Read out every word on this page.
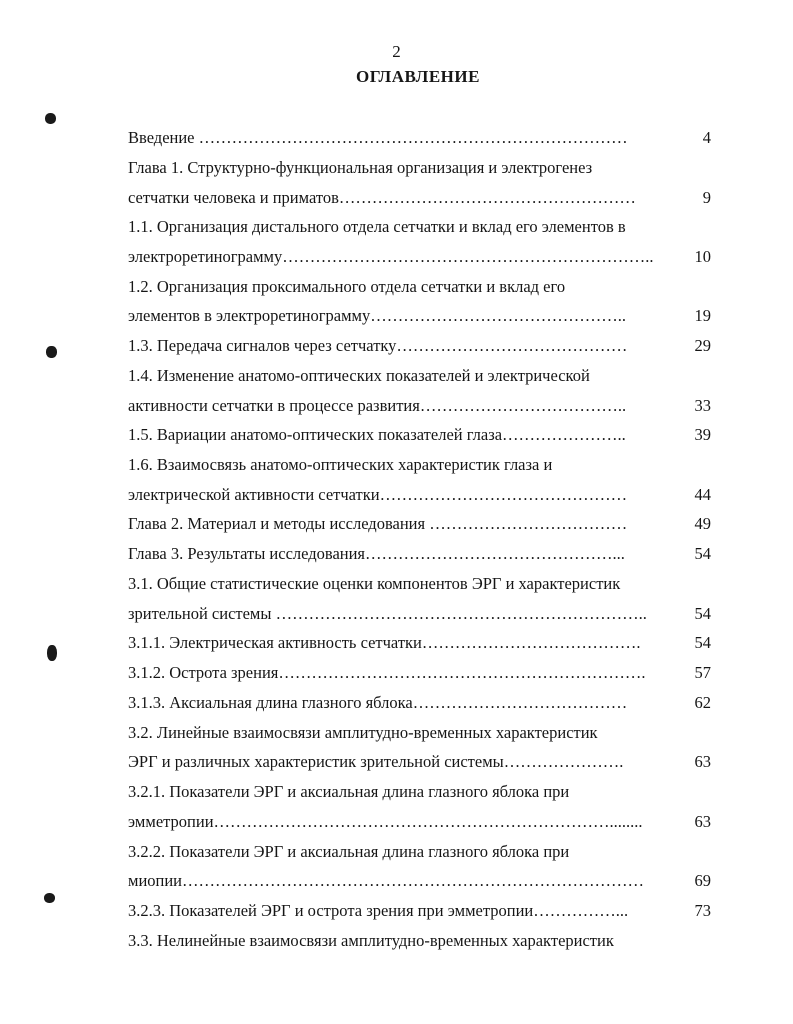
2
ОГЛАВЛЕНИЕ
Введение ……………………………………………………………………	4
Глава 1. Структурно-функциональная организация и электрогенез
сетчатки человека и приматов………………………………………………	9
1.1. Организация дистального отдела сетчатки и вклад его элементов в
электроретинограмму………………………………………………………….. 10
1.2. Организация проксимального отдела сетчатки и вклад его
элементов в электроретинограмму………………………………………..	19
1.3. Передача сигналов через сетчатку……………………………………	29
1.4. Изменение анатомо-оптических показателей и электрической
активности сетчатки в процессе развития………………………………..	33
1.5. Вариации анатомо-оптических показателей глаза…………………..	39
1.6. Взаимосвязь анатомо-оптических характеристик глаза и
электрической активности сетчатки………………………………………	44
Глава 2. Материал и методы исследования ………………………………	49
Глава 3. Результаты исследования………………………………………...	54
3.1. Общие статистические оценки компонентов ЭРГ и характеристик
зрительной системы …………………………………………………………..	54
3.1.1. Электрическая активность сетчатки………………………………….	54
3.1.2. Острота зрения………………………………………………………….	57
3.1.3. Аксиальная длина глазного яблока…………………………………	62
3.2. Линейные взаимосвязи амплитудно-временных характеристик
ЭРГ и различных характеристик зрительной системы………………….	63
3.2.1. Показатели ЭРГ и аксиальная длина глазного яблока при
эмметропии………………………………………………………………........	63
3.2.2. Показатели ЭРГ и аксиальная длина глазного яблока при
миопии…………………………………………………………………………	69
3.2.3. Показателей ЭРГ и острота зрения при эмметропии……………...	73
3.3. Нелинейные взаимосвязи амплитудно-временных характеристик
